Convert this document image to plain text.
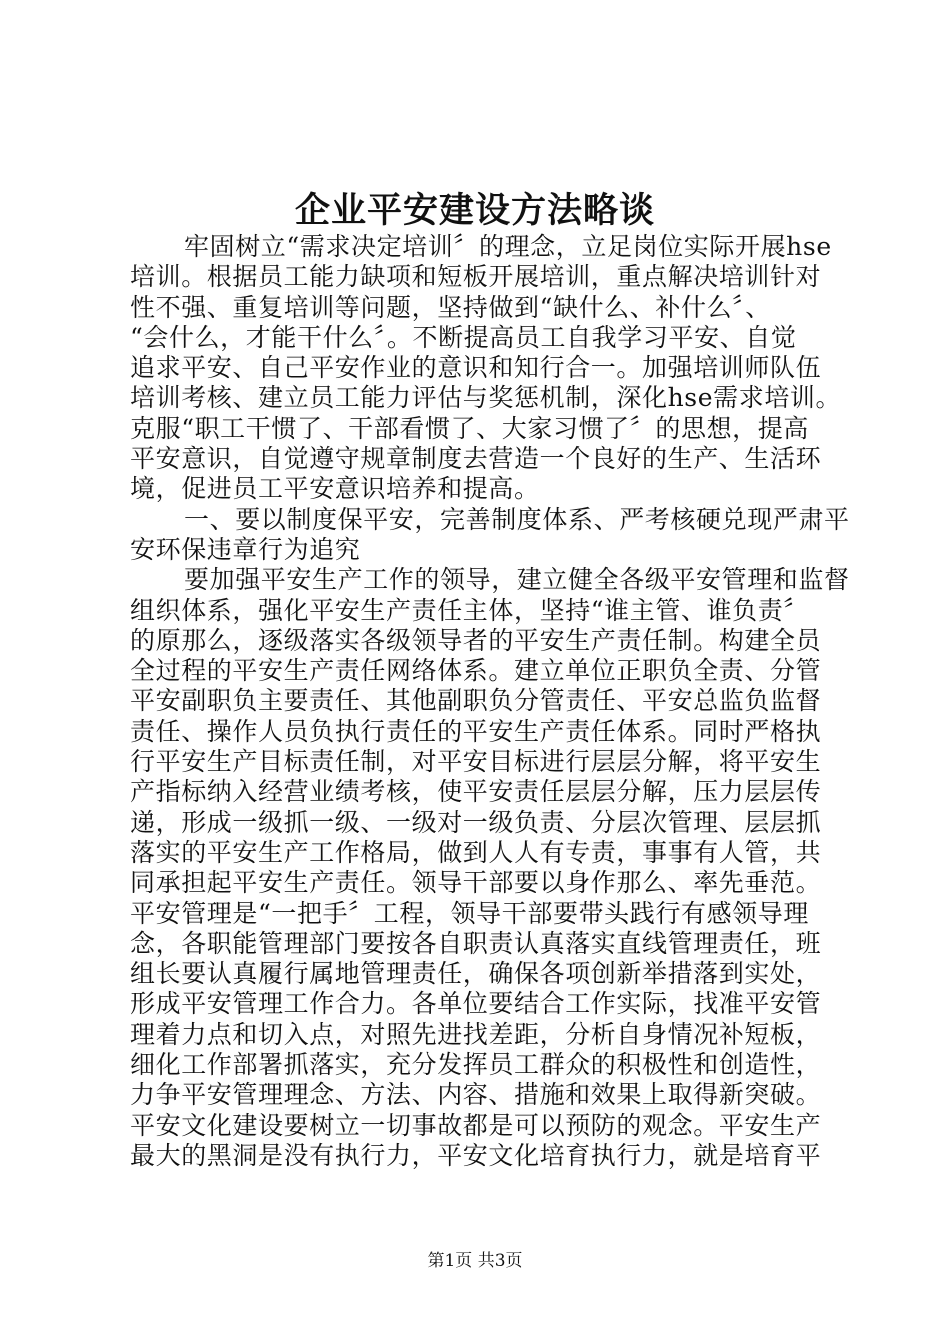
企业平安建设方法略谈
牢固树立“需求决定培训〞的理念，立足岗位实际开展hse
培训。根据员工能力缺项和短板开展培训，重点解决培训针对
性不强、重复培训等问题，坚持做到“缺什么、补什么〞、
“会什么，才能干什么〞。不断提高员工自我学习平安、自觉
追求平安、自己平安作业的意识和知行合一。加强培训师队伍
培训考核、建立员工能力评估与奖惩机制，深化hse需求培训。
克服“职工干惯了、干部看惯了、大家习惯了〞的思想，提高
平安意识，自觉遵守规章制度去营造一个良好的生产、生活环
境，促进员工平安意识培养和提高。
一、要以制度保平安，完善制度体系、严考核硬兑现严肃平
安环保违章行为追究
要加强平安生产工作的领导，建立健全各级平安管理和监督
组织体系，强化平安生产责任主体，坚持“谁主管、谁负责〞
的原那么，逐级落实各级领导者的平安生产责任制。构建全员
全过程的平安生产责任网络体系。建立单位正职负全责、分管
平安副职负主要责任、其他副职负分管责任、平安总监负监督
责任、操作人员负执行责任的平安生产责任体系。同时严格执
行平安生产目标责任制，对平安目标进行层层分解，将平安生
产指标纳入经营业绩考核，使平安责任层层分解，压力层层传
递，形成一级抓一级、一级对一级负责、分层次管理、层层抓
落实的平安生产工作格局，做到人人有专责，事事有人管，共
同承担起平安生产责任。领导干部要以身作那么、率先垂范。
平安管理是“一把手〞工程，领导干部要带头践行有感领导理
念，各职能管理部门要按各自职责认真落实直线管理责任，班
组长要认真履行属地管理责任，确保各项创新举措落到实处，
形成平安管理工作合力。各单位要结合工作实际，找准平安管
理着力点和切入点，对照先进找差距，分析自身情况补短板，
细化工作部署抓落实，充分发挥员工群众的积极性和创造性，
力争平安管理理念、方法、内容、措施和效果上取得新突破。
平安文化建设要树立一切事故都是可以预防的观念。平安生产
最大的黑洞是没有执行力，平安文化培育执行力，就是培育平
第1页 共3页
